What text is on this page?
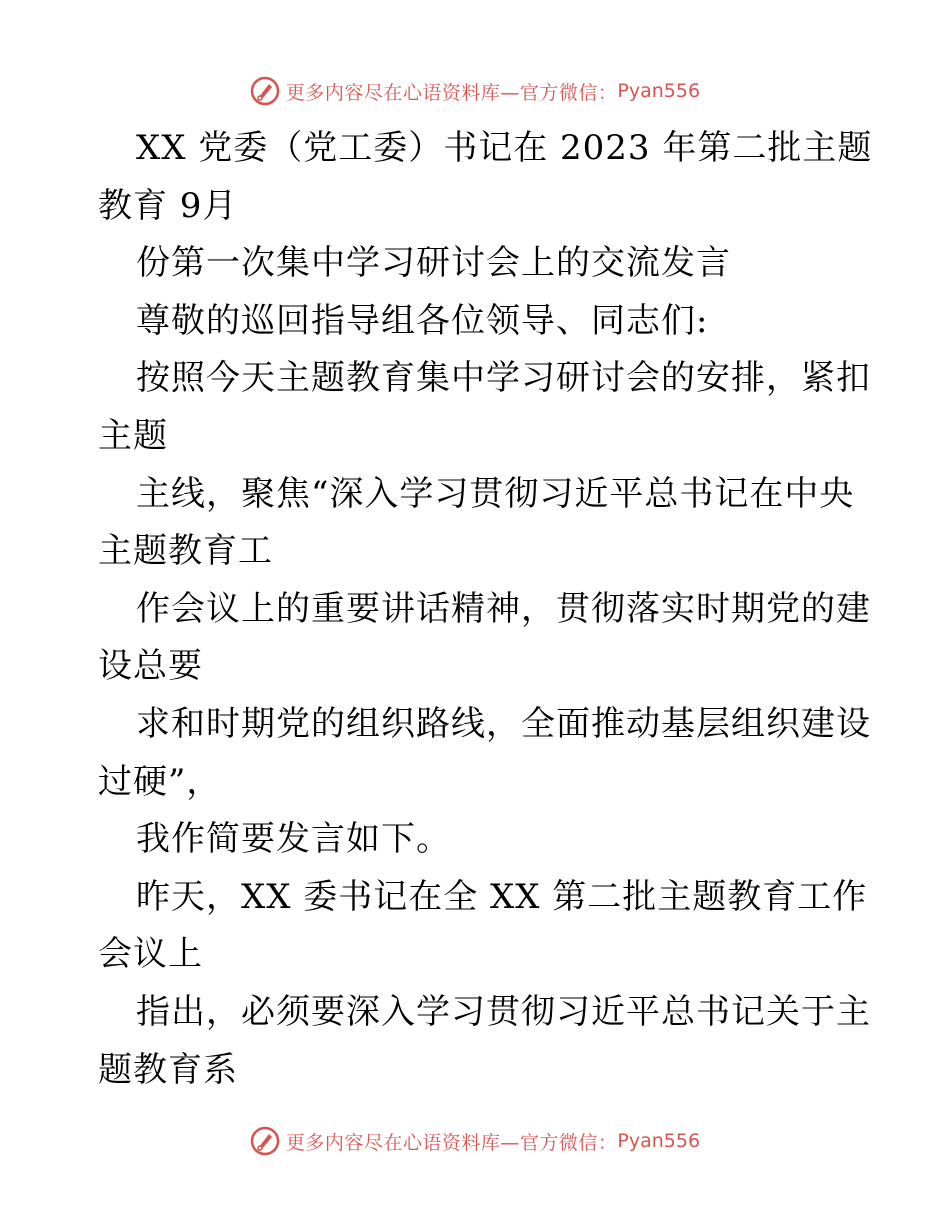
更多内容尽在心语资料库—官方微信： Pyan556
XX 党委（党工委）书记在 2023 年第二批主题
教育 9月
份第一次集中学习研讨会上的交流发言
尊敬的巡回指导组各位领导、同志们:
按照今天主题教育集中学习研讨会的安排，紧扣
主题
主线，聚焦“深入学习贯彻习近平总书记在中央
主题教育工
作会议上的重要讲话精神，贯彻落实时期党的建
设总要
求和时期党的组织路线，全面推动基层组织建设
过硬”，
我作简要发言如下。
昨天，XX 委书记在全 XX 第二批主题教育工作
会议上
指出，必须要深入学习贯彻习近平总书记关于主
题教育系
更多内容尽在心语资料库—官方微信： Pyan556
